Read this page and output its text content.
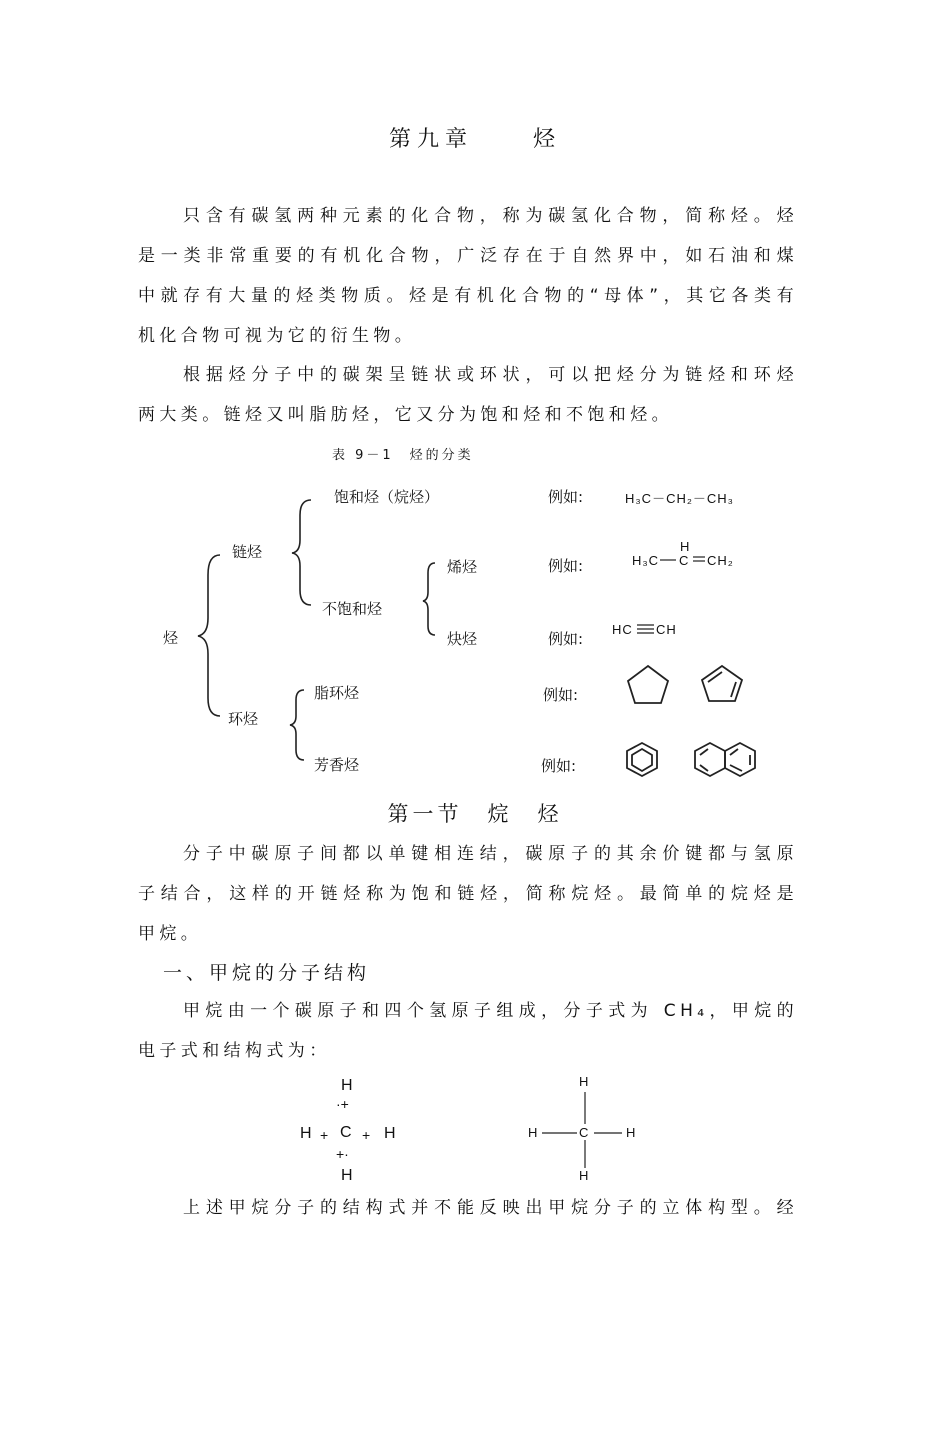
第九章	烃
只含有碳氢两种元素的化合物，称为碳氢化合物，简称烃。烃
是一类非常重要的有机化合物，广泛存在于自然界中，如石油和煤
中就存有大量的烃类物质。烃是有机化合物的“母体”，其它各类有
机化合物可视为它的衍生物。
根据烃分子中的碳架呈链状或环状，可以把烃分为链烃和环烃
两大类。链烃又叫脂肪烃，它又分为饱和烃和不饱和烃。
表 9－1　烃的分类
烃
链烃
环烃
饱和烃（烷烃）
不饱和烃
烯烃
炔烃
脂环烃
芳香烃
例如:
例如:
例如:
例如:
例如:
H₃C－CH₂－CH₃
H
H₃C C CH₂
HC CH
第一节　烷　烃
分子中碳原子间都以单键相连结，碳原子的其余价键都与氢原
子结合，这样的开链烃称为饱和链烃，简称烷烃。最简单的烷烃是
甲烷。
一、甲烷的分子结构
甲烷由一个碳原子和四个氢原子组成，分子式为 CH₄，甲烷的
电子式和结构式为：
H
·+
H + C + H
+·
H
H
H	C	H
H
上述甲烷分子的结构式并不能反映出甲烷分子的立体构型。经
